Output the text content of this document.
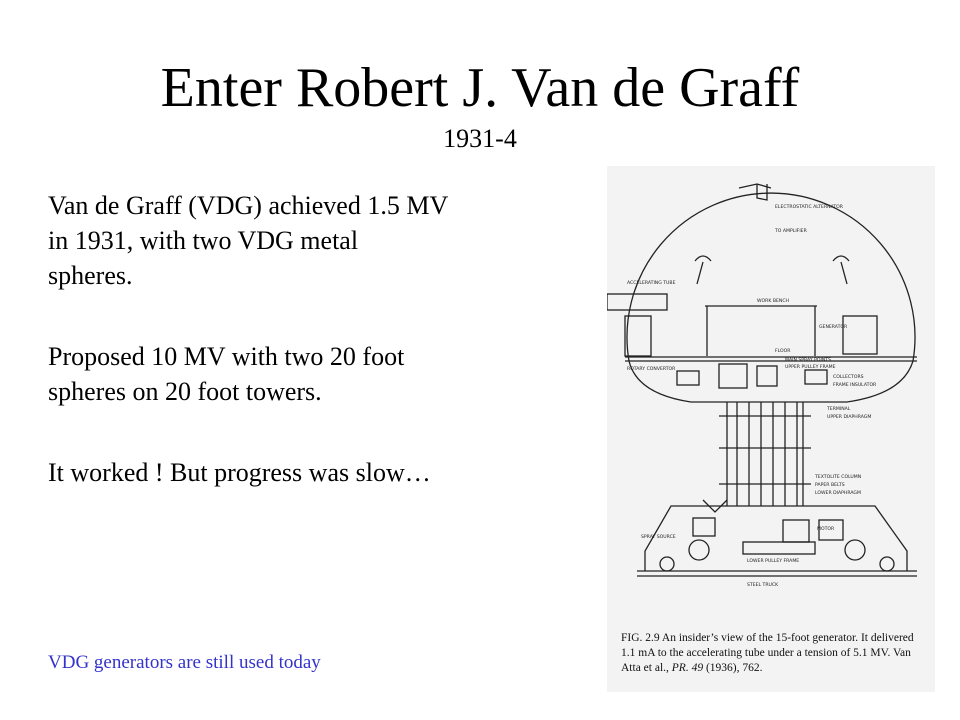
Enter Robert J. Van de Graff
1931-4

Van de Graff (VDG) achieved 1.5 MV in 1931, with two VDG metal spheres.

Proposed 10 MV with two 20 foot spheres on 20 foot towers.

It worked ! But progress was slow…

VDG generators are still used today
ELECTROSTATIC ALTERNATOR
TO AMPLIFIER
ACCELERATING TUBE
WORK BENCH
GENERATOR
FLOOR
ROTARY CONVERTOR
MAIN SPRAY POINTS
UPPER PULLEY FRAME
COLLECTORS
FRAME INSULATOR
TERMINAL
UPPER DIAPHRAGM
TEXTOLITE COLUMN
PAPER BELTS
LOWER DIAPHRAGM
MOTOR
SPRAY SOURCE
LOWER PULLEY FRAME
STEEL TRUCK
FIG. 2.9 An insider’s view of the 15-foot generator. It delivered 1.1 mA to the accelerating tube under a tension of 5.1 MV. Van Atta et al., PR. 49 (1936), 762.
